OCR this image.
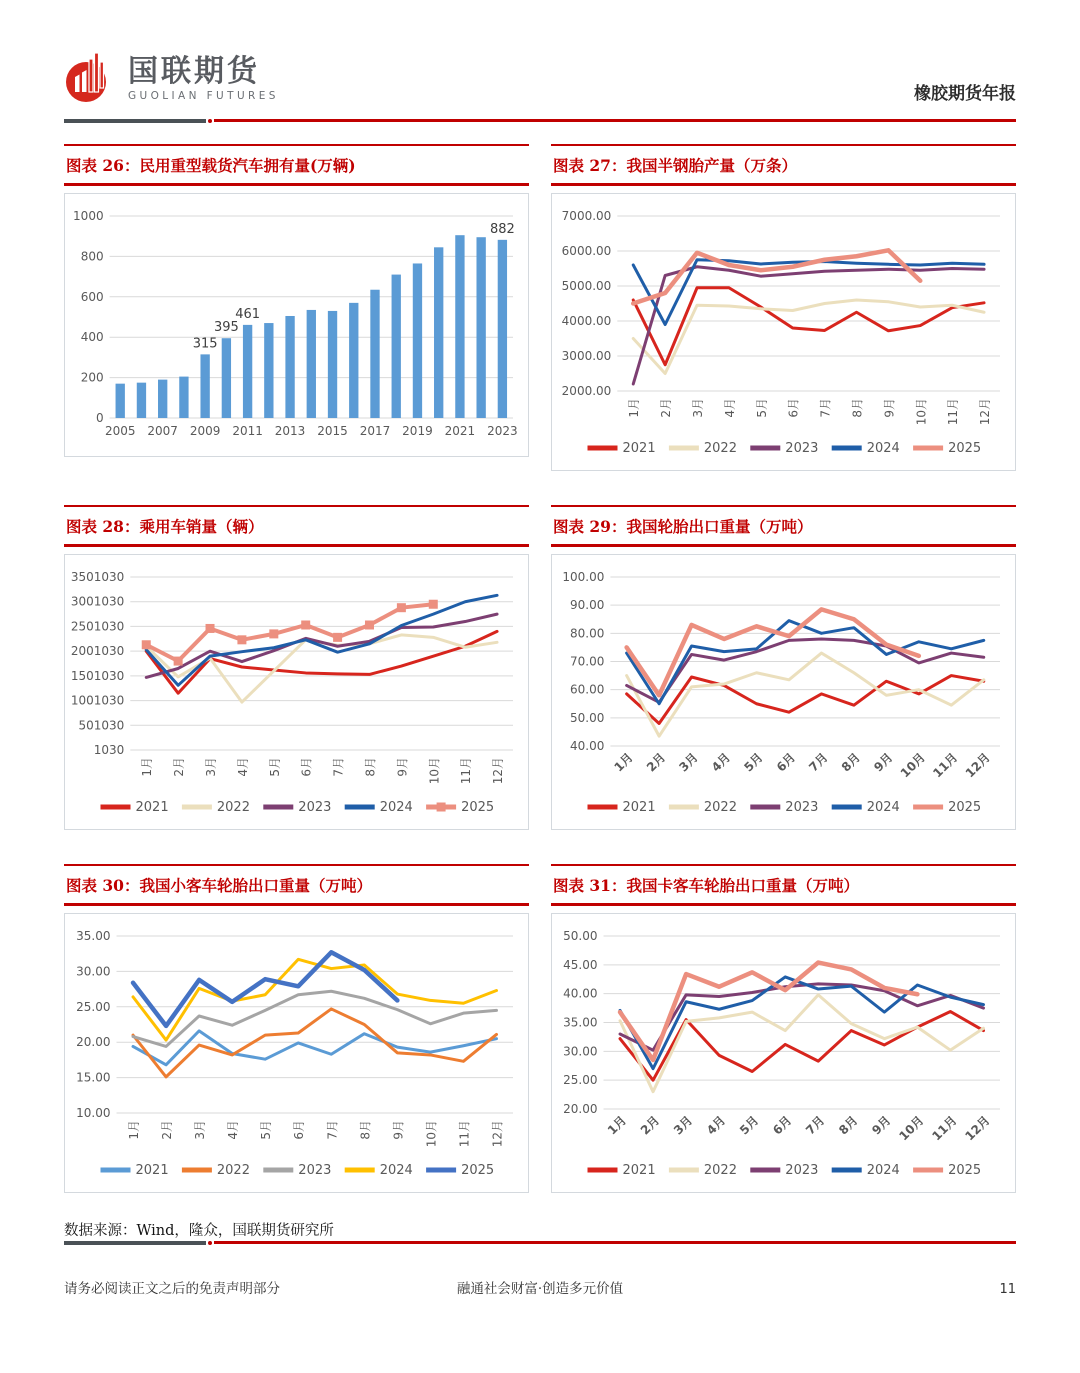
国联期货
GUOLIAN FUTURES	橡胶期货年报
图表 26：民用重型载货汽车拥有量(万辆)
0
200
400
600
800
1000
2005 2007 2009 2011 2013 2015 2017 2019 2021 2023
315
395
461
882
图表 27：我国半钢胎产量（万条）
2000.00
3000.00
4000.00
5000.00
6000.00
7000.00
1月 2月 3月 4月 5月 6月 7月 8月 9月 10月 11月 12月
2021	2022	2023	2024	2025
图表 28：乘用车销量（辆）
1030
501030
1001030
1501030
2001030
2501030
3001030
3501030
1月 2月 3月 4月 5月 6月 7月 8月 9月 10月 11月 12月
2021	2022	2023	2024	2025
图表 29：我国轮胎出口重量（万吨）
40.00
50.00
60.00
70.00
80.00
90.00
100.00
1月 2月 3月 4月 5月 6月 7月 8月 9月 10月 11月 12月
2021	2022	2023	2024	2025
图表 30：我国小客车轮胎出口重量（万吨）
10.00
15.00
20.00
25.00
30.00
35.00
1月 2月 3月 4月 5月 6月 7月 8月 9月 10月 11月 12月
2021	2022	2023	2024	2025
图表 31：我国卡客车轮胎出口重量（万吨）
20.00
25.00
30.00
35.00
40.00
45.00
50.00
1月 2月 3月 4月 5月 6月 7月 8月 9月 10月 11月 12月
2021	2022	2023	2024	2025
数据来源：Wind，隆众，国联期货研究所
请务必阅读正文之后的免责声明部分	融通社会财富·创造多元价值	11
